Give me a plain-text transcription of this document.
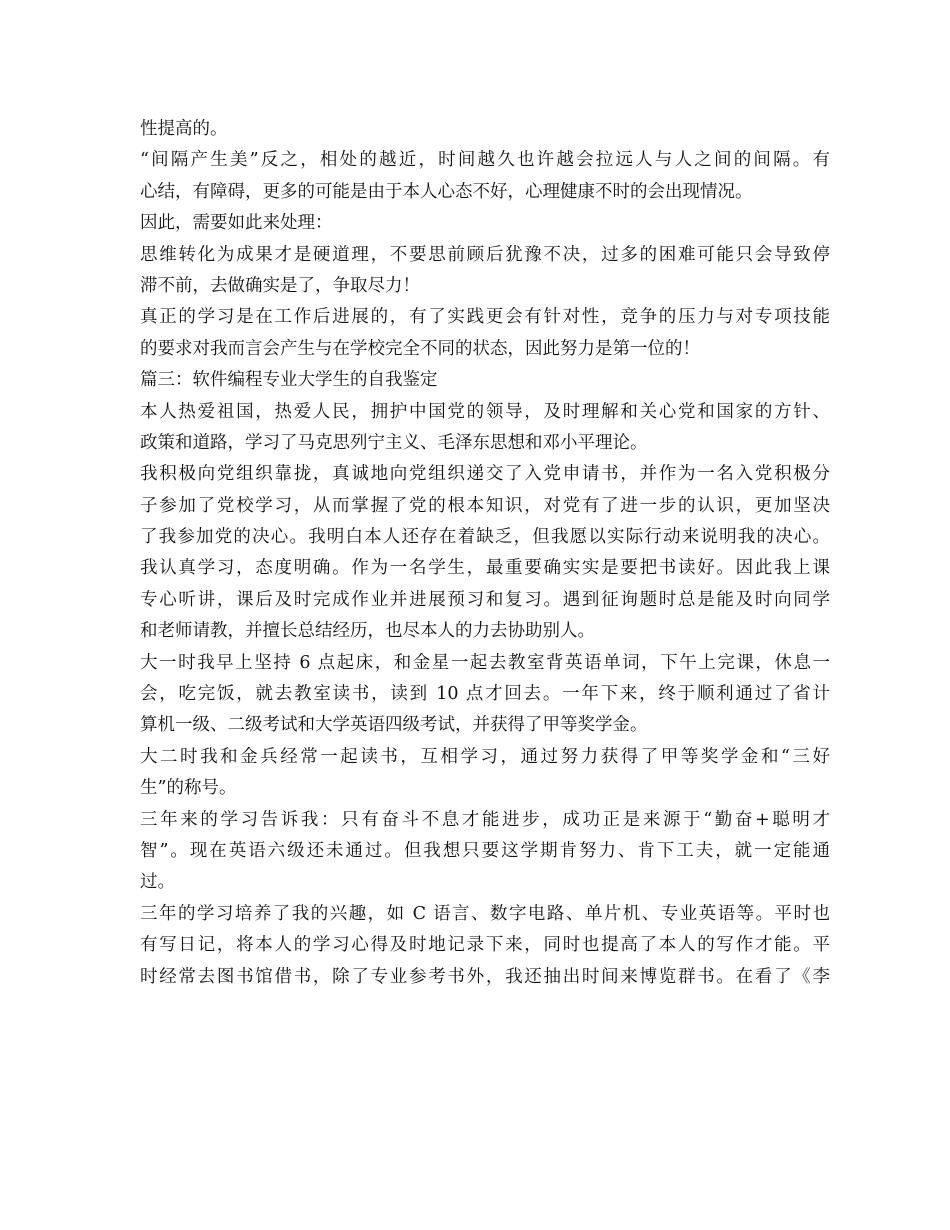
性提高的。
“间隔产生美”反之，相处的越近，时间越久也许越会拉远人与人之间的间隔。有
心结，有障碍，更多的可能是由于本人心态不好，心理健康不时的会出现情况。
因此，需要如此来处理：
思维转化为成果才是硬道理，不要思前顾后犹豫不决，过多的困难可能只会导致停
滞不前，去做确实是了，争取尽力！
真正的学习是在工作后进展的，有了实践更会有针对性，竞争的压力与对专项技能
的要求对我而言会产生与在学校完全不同的状态，因此努力是第一位的！
篇三：软件编程专业大学生的自我鉴定
本人热爱祖国，热爱人民，拥护中国党的领导，及时理解和关心党和国家的方针、
政策和道路，学习了马克思列宁主义、毛泽东思想和邓小平理论。
我积极向党组织靠拢，真诚地向党组织递交了入党申请书，并作为一名入党积极分
子参加了党校学习，从而掌握了党的根本知识，对党有了进一步的认识，更加坚决
了我参加党的决心。我明白本人还存在着缺乏，但我愿以实际行动来说明我的决心。
我认真学习，态度明确。作为一名学生，最重要确实实是要把书读好。因此我上课
专心听讲，课后及时完成作业并进展预习和复习。遇到征询题时总是能及时向同学
和老师请教，并擅长总结经历，也尽本人的力去协助别人。
大一时我早上坚持 6 点起床，和金星一起去教室背英语单词，下午上完课，休息一
会，吃完饭，就去教室读书，读到 10 点才回去。一年下来，终于顺利通过了省计
算机一级、二级考试和大学英语四级考试，并获得了甲等奖学金。
大二时我和金兵经常一起读书，互相学习，通过努力获得了甲等奖学金和“三好
生”的称号。
三年来的学习告诉我：只有奋斗不息才能进步，成功正是来源于“勤奋+聪明才
智”。现在英语六级还未通过。但我想只要这学期肯努力、肯下工夫，就一定能通
过。
三年的学习培养了我的兴趣，如 C 语言、数字电路、单片机、专业英语等。平时也
有写日记，将本人的学习心得及时地记录下来，同时也提高了本人的写作才能。平
时经常去图书馆借书，除了专业参考书外，我还抽出时间来博览群书。在看了《李
